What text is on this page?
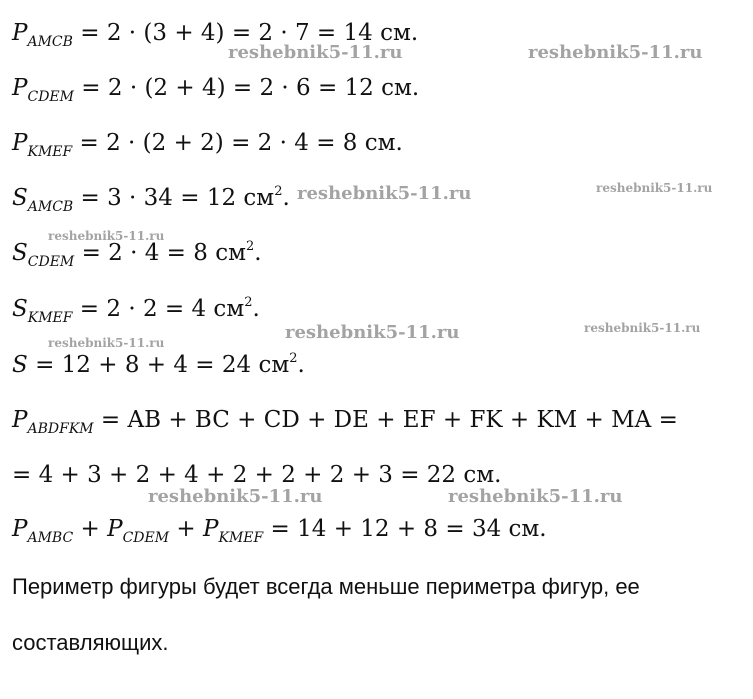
$P_{AMCB} = 2 \cdot (3 + 4) = 2 \cdot 7 = 14$ см.
$P_{CDEM} = 2 \cdot (2 + 4) = 2 \cdot 6 = 12$ см.
$P_{KMEF} = 2 \cdot (2 + 2) = 2 \cdot 4 = 8$ см.
$S_{AMCB} = 3 \cdot 34 = 12$ $см^2$.
$S_{CDEM} = 2 \cdot 4 = 8$ $см^2$.
$S_{KMEF} = 2 \cdot 2 = 4$ $см^2$.
S = 12 + 8 + 4 = 24 $см^2$.
$P_{ABDFKM}$ = AB + BC + CD + DE + EF + FK + KM + MA =
= 4 + 3 + 2 + 4 + 2 + 2 + 2 + 3 = 22 см.
$P_{AMBC} + P_{CDEM} + P_{KMEF} = 14 + 12 + 8 = 34$ см.
Периметр фигуры будет всегда меньше периметра фигур, ее
составляющих.
reshebnik5-11.ru	reshebnik5-11.ru
reshebnik5-11.ru	reshebnik5-11.ru
reshebnik5-11.ru
reshebnik5-11.ru	reshebnik5-11.ru
reshebnik5-11.ru
reshebnik5-11.ru	reshebnik5-11.ru
